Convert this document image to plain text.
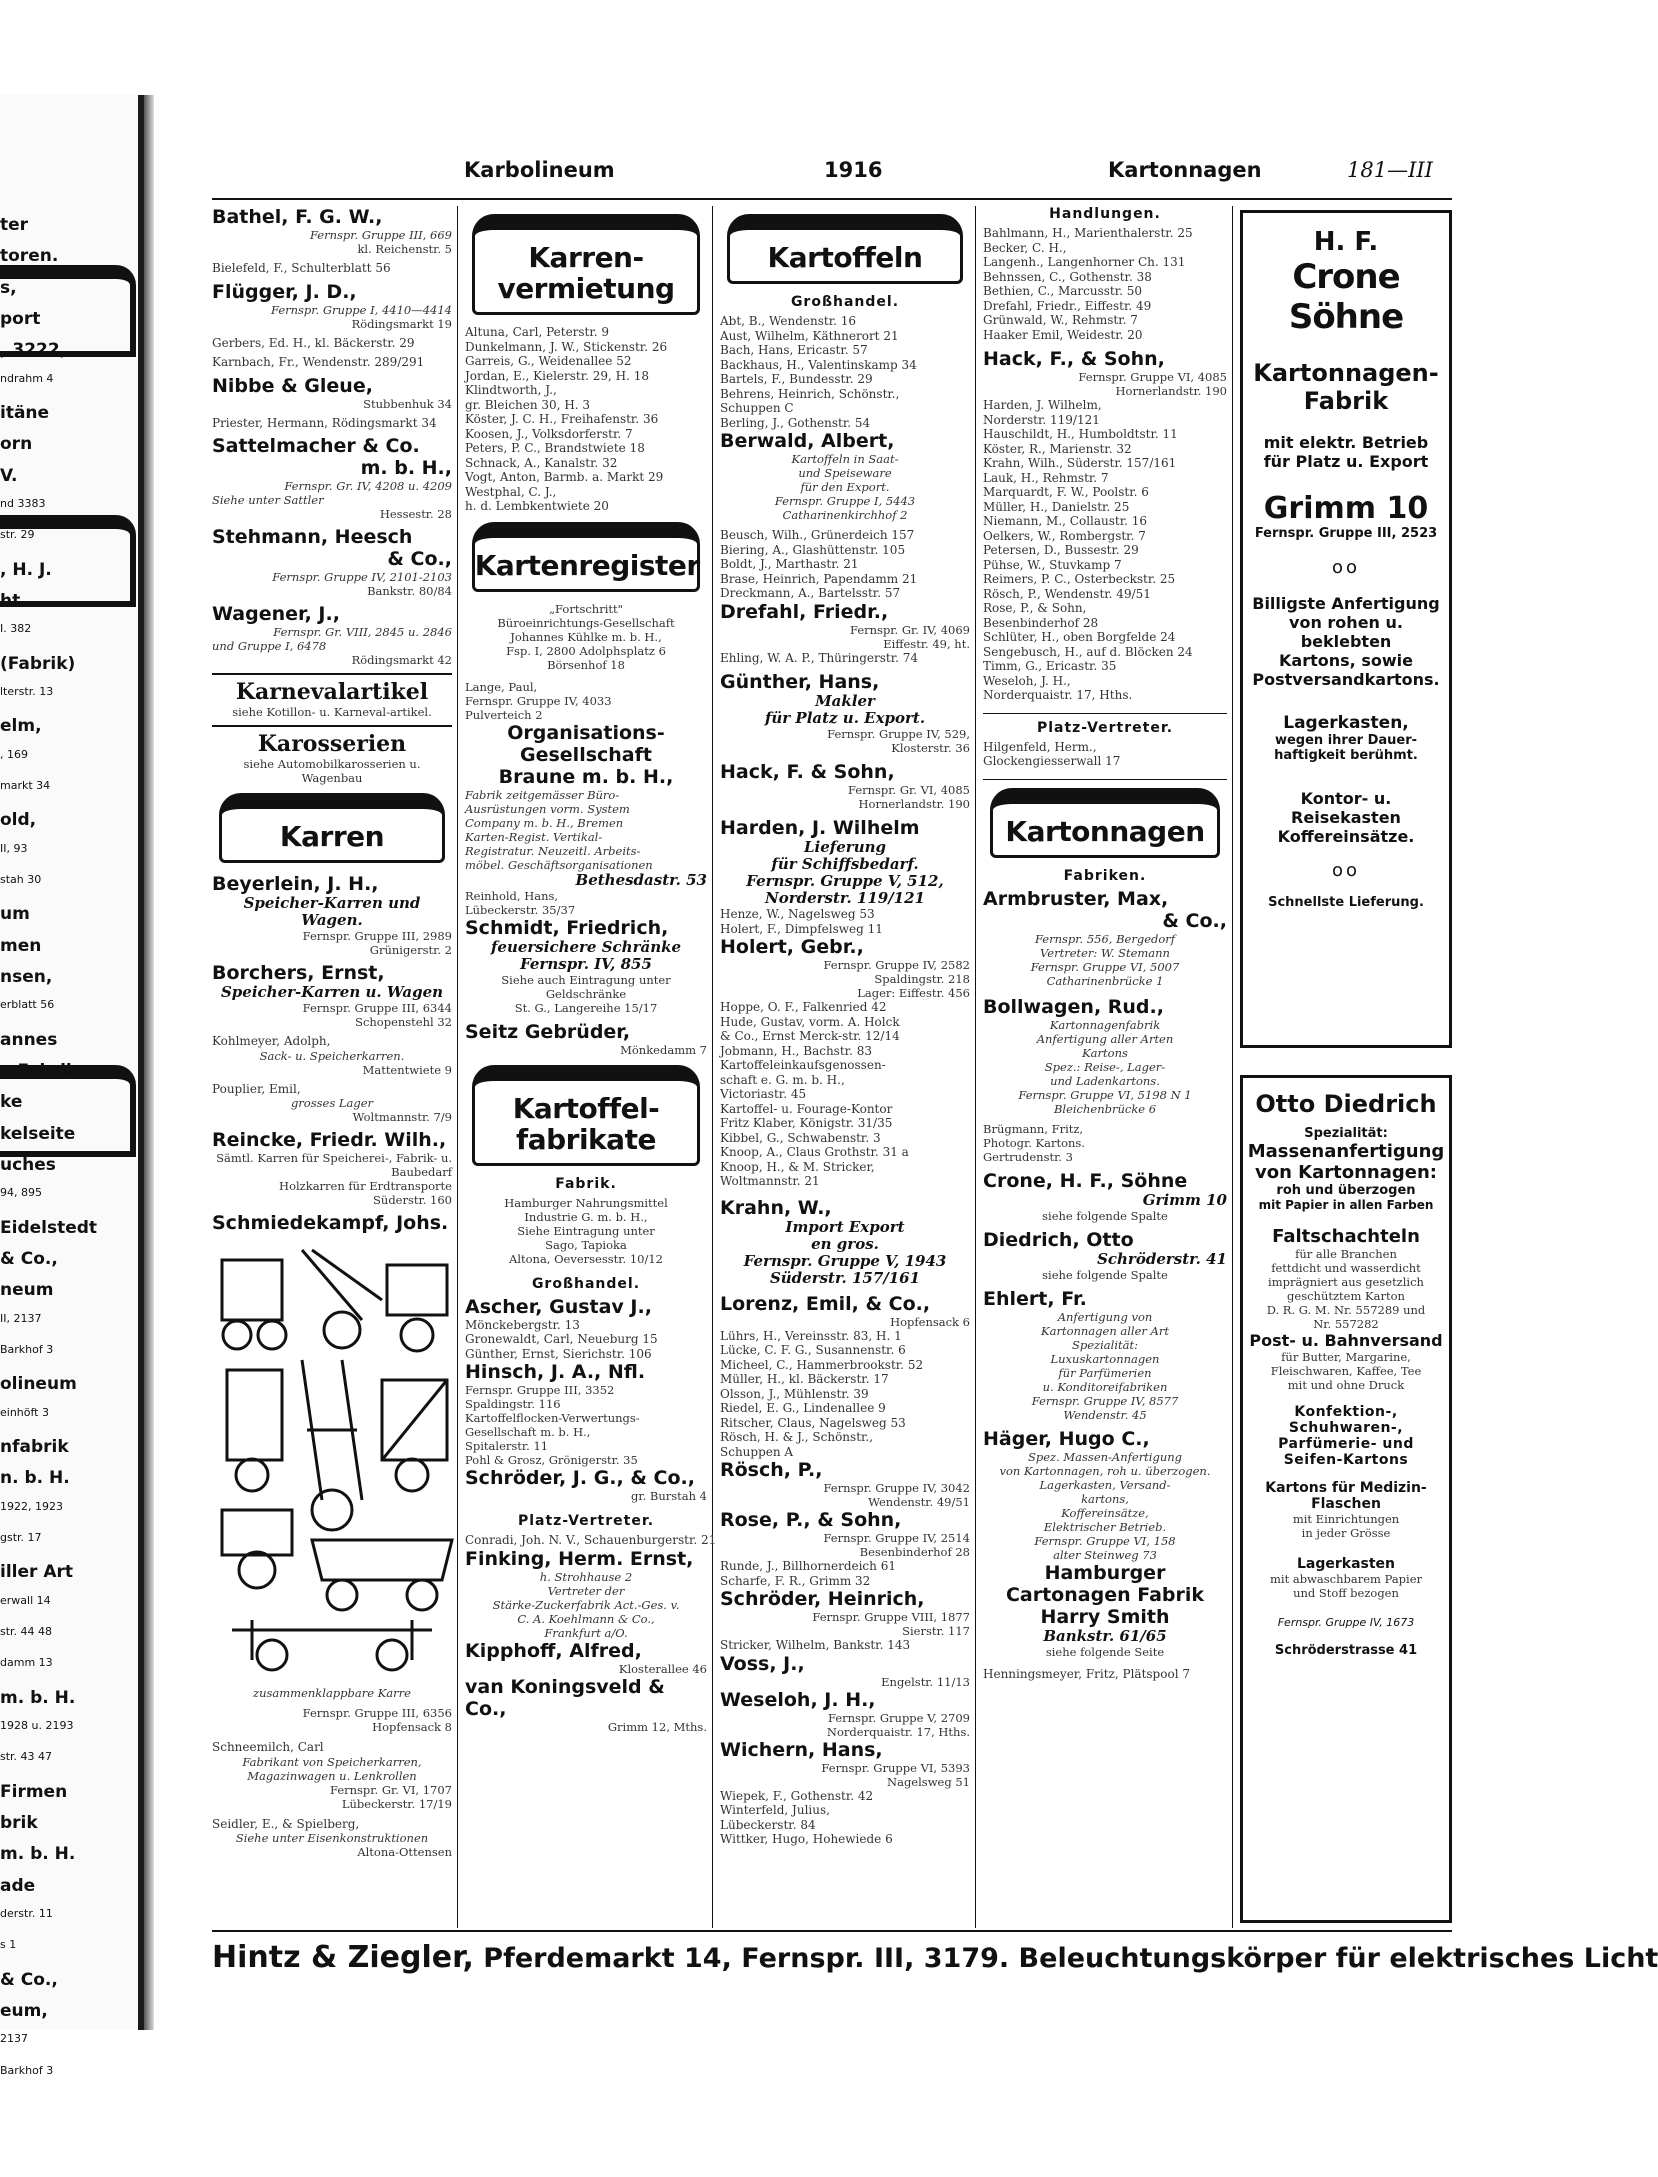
ter
toren.
s,
port
, 3222,
ndrahm 4
itäne
orn
V.
nd 3383
str. 29
, H. J.
ht
I. 382
(Fabrik)
lterstr. 13
elm,
, 169
markt 34
old,
II, 93
stah 30
um
men
nsen,
erblatt 56
annes
e Fabrik,
ke
kelseite
uches
94, 895
Eidelstedt
& Co.,
neum
II, 2137
Barkhof 3
olineum
einhöft 3
nfabrik
n. b. H.
1922, 1923
gstr. 17
iller Art
erwall 14
str. 44 48
damm 13
m. b. H.
1928 u. 2193
str. 43 47
Firmen
brik
m. b. H.
ade
derstr. 11
s 1
& Co.,
eum,
2137
Barkhof 3
Karbolineum	1916	Kartonnagen	181—III
Bathel, F. G. W.,
Fernspr. Gruppe III, 669
kl. Reichenstr. 5
Bielefeld, F., Schulterblatt 56
Flügger, J. D.,
Fernspr. Gruppe I, 4410—4414
Rödingsmarkt 19
Gerbers, Ed. H., kl. Bäckerstr. 29
Karnbach, Fr., Wendenstr. 289/291
Nibbe & Gleue,
Stubbenhuk 34
Priester, Hermann, Rödingsmarkt 34
Sattelmacher & Co.
m. b. H.,
Fernspr. Gr. IV, 4208 u. 4209
Siehe unter Sattler
Hessestr. 28
Stehmann, Heesch
& Co.,
Fernspr. Gruppe IV, 2101-2103
Bankstr. 80/84
Wagener, J.,
Fernspr. Gr. VIII, 2845 u. 2846
und Gruppe I, 6478
Rödingsmarkt 42
Karnevalartikel
siehe Kotillon- u. Karneval-artikel.
Karosserien
siehe Automobilkarosserien u. Wagenbau
Karren
Beyerlein, J. H.,
Speicher-Karren und Wagen.
Fernspr. Gruppe III, 2989
Grünigerstr. 2
Borchers, Ernst,
Speicher-Karren u. Wagen
Fernspr. Gruppe III, 6344
Schopenstehl 32
Kohlmeyer, Adolph,
Sack- u. Speicherkarren.
Mattentwiete 9
Pouplier, Emil,
grosses Lager
Woltmannstr. 7/9
Reincke, Friedr. Wilh.,
Sämtl. Karren für Speicherei-, Fabrik- u. Baubedarf
Holzkarren für Erdtransporte
Süderstr. 160
Schmiedekampf, Johs.
zusammenklappbare Karre
Fernspr. Gruppe III, 6356
Hopfensack 8
Schneemilch, Carl
Fabrikant von Speicherkarren, Magazinwagen u. Lenkrollen
Fernspr. Gr. VI, 1707
Lübeckerstr. 17/19
Seidler, E., & Spielberg,
Siehe unter Eisenkonstruktionen
Altona-Ottensen
Karren-
vermietung
Altuna, Carl, Peterstr. 9
Dunkelmann, J. W., Stickenstr. 26
Garreis, G., Weidenallee 52
Jordan, E., Kielerstr. 29, H. 18
Klindtworth, J.,
gr. Bleichen 30, H. 3
Köster, J. C. H., Freihafenstr. 36
Koosen, J., Volksdorferstr. 7
Peters, P. C., Brandstwiete 18
Schnack, A., Kanalstr. 32
Vogt, Anton, Barmb. a. Markt 29
Westphal, C. J.,
h. d. Lembkentwiete 20
Kartenregister
„Fortschritt"
Büroeinrichtungs-Gesellschaft
Johannes Kühlke m. b. H.,
Fsp. I, 2800 Adolphsplatz 6
Börsenhof 18
Lange, Paul,
Fernspr. Gruppe IV, 4033
Pulverteich 2
Organisations-
Gesellschaft
Braune m. b. H.,
Fabrik zeitgemässer Büro-
Ausrüstungen vorm. System
Company m. b. H., Bremen
Karten-Regist. Vertikal-
Registratur. Neuzeitl. Arbeits-
möbel. Geschäftsorganisationen
Bethesdastr. 53
Reinhold, Hans,
Lübeckerstr. 35/37
Schmidt, Friedrich,
feuersichere Schränke
Fernspr. IV, 855
Siehe auch Eintragung unter
Geldschränke
St. G., Langereihe 15/17
Seitz Gebrüder,
Mönkedamm 7
Kartoffel-
fabrikate
Fabrik.
Hamburger Nahrungsmittel
Industrie G. m. b. H.,
Siehe Eintragung unter
Sago, Tapioka
Altona, Oeversesstr. 10/12
Großhandel.
Ascher, Gustav J.,
Mönckebergstr. 13
Gronewaldt, Carl, Neueburg 15
Günther, Ernst, Sierichstr. 106
Hinsch, J. A., Nfl.
Fernspr. Gruppe III, 3352
Spaldingstr. 116
Kartoffelflocken-Verwertungs-
Gesellschaft m. b. H.,
Spitalerstr. 11
Pohl & Grosz, Grönigerstr. 35
Schröder, J. G., & Co.,
gr. Burstah 4
Platz-Vertreter.
Conradi, Joh. N. V., Schauenburgerstr. 21
Finking, Herm. Ernst,
h. Strohhause 2
Vertreter der
Stärke-Zuckerfabrik Act.-Ges. v.
C. A. Koehlmann & Co.,
Frankfurt a/O.
Kipphoff, Alfred,
Klosterallee 46
van Koningsveld & Co.,
Grimm 12, Mths.
Kartoffeln
Großhandel.
Abt, B., Wendenstr. 16
Aust, Wilhelm, Käthnerort 21
Bach, Hans, Ericastr. 57
Backhaus, H., Valentinskamp 34
Bartels, F., Bundesstr. 29
Behrens, Heinrich, Schönstr.,
Schuppen C
Berling, J., Gothenstr. 54
Berwald, Albert,
Kartoffeln in Saat-
und Speiseware
für den Export.
Fernspr. Gruppe I, 5443
Catharinenkirchhof 2
Beusch, Wilh., Grünerdeich 157
Biering, A., Glashüttenstr. 105
Boldt, J., Marthastr. 21
Brase, Heinrich, Papendamm 21
Dreckmann, A., Bartelsstr. 57
Drefahl, Friedr.,
Fernspr. Gr. IV, 4069
Eiffestr. 49, ht.
Ehling, W. A. P., Thüringerstr. 74
Günther, Hans,
Makler
für Platz u. Export.
Fernspr. Gruppe IV, 529,
Klosterstr. 36
Hack, F. & Sohn,
Fernspr. Gr. VI, 4085
Hornerlandstr. 190
Harden, J. Wilhelm
Lieferung
für Schiffsbedarf.
Fernspr. Gruppe V, 512,
Norderstr. 119/121
Henze, W., Nagelsweg 53
Holert, F., Dimpfelsweg 11
Holert, Gebr.,
Fernspr. Gruppe IV, 2582
Spaldingstr. 218
Lager: Eiffestr. 456
Hoppe, O. F., Falkenried 42
Hude, Gustav, vorm. A. Holck
& Co., Ernst Merck-str. 12/14
Jobmann, H., Bachstr. 83
Kartoffeleinkaufsgenossen-
schaft e. G. m. b. H.,
Victoriastr. 45
Kartoffel- u. Fourage-Kontor
Fritz Klaber, Königstr. 31/35
Kibbel, G., Schwabenstr. 3
Knoop, A., Claus Grothstr. 31 a
Knoop, H., & M. Stricker,
Woltmannstr. 21
Krahn, W.,
Import Export
en gros.
Fernspr. Gruppe V, 1943
Süderstr. 157/161
Lorenz, Emil, & Co.,
Hopfensack 6
Lührs, H., Vereinsstr. 83, H. 1
Lücke, C. F. G., Susannenstr. 6
Micheel, C., Hammerbrookstr. 52
Müller, H., kl. Bäckerstr. 17
Olsson, J., Mühlenstr. 39
Riedel, E. G., Lindenallee 9
Ritscher, Claus, Nagelsweg 53
Rösch, H. & J., Schönstr.,
Schuppen A
Rösch, P.,
Fernspr. Gruppe IV, 3042
Wendenstr. 49/51
Rose, P., & Sohn,
Fernspr. Gruppe IV, 2514
Besenbinderhof 28
Runde, J., Billhornerdeich 61
Scharfe, F. R., Grimm 32
Schröder, Heinrich,
Fernspr. Gruppe VIII, 1877
Sierstr. 117
Stricker, Wilhelm, Bankstr. 143
Voss, J.,
Engelstr. 11/13
Weseloh, J. H.,
Fernspr. Gruppe V, 2709
Norderquaistr. 17, Hths.
Wichern, Hans,
Fernspr. Gruppe VI, 5393
Nagelsweg 51
Wiepek, F., Gothenstr. 42
Winterfeld, Julius,
Lübeckerstr. 84
Wittker, Hugo, Hohewiede 6
Handlungen.
Bahlmann, H., Marienthalerstr. 25
Becker, C. H.,
Langenh., Langenhorner Ch. 131
Behnssen, C., Gothenstr. 38
Bethien, C., Marcusstr. 50
Drefahl, Friedr., Eiffestr. 49
Grünwald, W., Rehmstr. 7
Haaker Emil, Weidestr. 20
Hack, F., & Sohn,
Fernspr. Gruppe VI, 4085
Hornerlandstr. 190
Harden, J. Wilhelm,
Norderstr. 119/121
Hauschildt, H., Humboldtstr. 11
Köster, R., Marienstr. 32
Krahn, Wilh., Süderstr. 157/161
Lauk, H., Rehmstr. 7
Marquardt, F. W., Poolstr. 6
Müller, H., Danielstr. 25
Niemann, M., Collaustr. 16
Oelkers, W., Rombergstr. 7
Petersen, D., Bussestr. 29
Pühse, W., Stuvkamp 7
Reimers, P. C., Osterbeckstr. 25
Rösch, P., Wendenstr. 49/51
Rose, P., & Sohn,
Besenbinderhof 28
Schlüter, H., oben Borgfelde 24
Sengebusch, H., auf d. Blöcken 24
Timm, G., Ericastr. 35
Weseloh, J. H.,
Norderquaistr. 17, Hths.
Platz-Vertreter.
Hilgenfeld, Herm.,
Glockengiesserwall 17
Kartonnagen
Fabriken.
Armbruster, Max,
& Co.,
Fernspr. 556, Bergedorf
Vertreter: W. Stemann
Fernspr. Gruppe VI, 5007
Catharinenbrücke 1
Bollwagen, Rud.,
Kartonnagenfabrik
Anfertigung aller Arten
Kartons
Spez.: Reise-, Lager-
und Ladenkartons.
Fernspr. Gruppe VI, 5198 N 1
Bleichenbrücke 6
Brügmann, Fritz,
Photogr. Kartons.
Gertrudenstr. 3
Crone, H. F., Söhne
Grimm 10
siehe folgende Spalte
Diedrich, Otto
Schröderstr. 41
siehe folgende Spalte
Ehlert, Fr.
Anfertigung von
Kartonnagen aller Art
Spezialität:
Luxuskartonnagen
für Parfümerien
u. Konditoreifabriken
Fernspr. Gruppe IV, 8577
Wendenstr. 45
Häger, Hugo C.,
Spez. Massen-Anfertigung
von Kartonnagen, roh u. überzogen.
Lagerkasten, Versand-
kartons,
Koffereinsätze,
Elektrischer Betrieb.
Fernspr. Gruppe VI, 158
alter Steinweg 73
Hamburger
Cartonagen Fabrik
Harry Smith
Bankstr. 61/65
siehe folgende Seite
Henningsmeyer, Fritz, Plätspool 7
H. F.
Crone Söhne
Kartonnagen-
Fabrik
mit elektr. Betrieb
für Platz u. Export
Grimm 10
Fernspr. Gruppe III, 2523
oo
Billigste Anfertigung
von rohen u. beklebten
Kartons, sowie
Postversandkartons.
Lagerkasten,
wegen ihrer Dauer-
haftigkeit berühmt.
Kontor- u. Reisekasten
Koffereinsätze.
oo
Schnellste Lieferung.
Otto Diedrich
Spezialität:
Massenanfertigung
von Kartonnagen:
roh und überzogen
mit Papier in allen Farben
Faltschachteln
für alle Branchen
fettdicht und wasserdicht
imprägniert aus gesetzlich
geschütztem Karton
D. R. G. M. Nr. 557289 und
Nr. 557282
Post- u. Bahnversand
für Butter, Margarine,
Fleischwaren, Kaffee, Tee
mit und ohne Druck
Konfektion-,
Schuhwaren-,
Parfümerie- und
Seifen-Kartons
Kartons für Medizin-
Flaschen
mit Einrichtungen
in jeder Grösse
Lagerkasten
mit abwaschbarem Papier
und Stoff bezogen
Fernspr. Gruppe IV, 1673
Schröderstrasse 41
Hintz & Ziegler, Pferdemarkt 14, Fernspr. III, 3179. Beleuchtungskörper für elektrisches Licht
